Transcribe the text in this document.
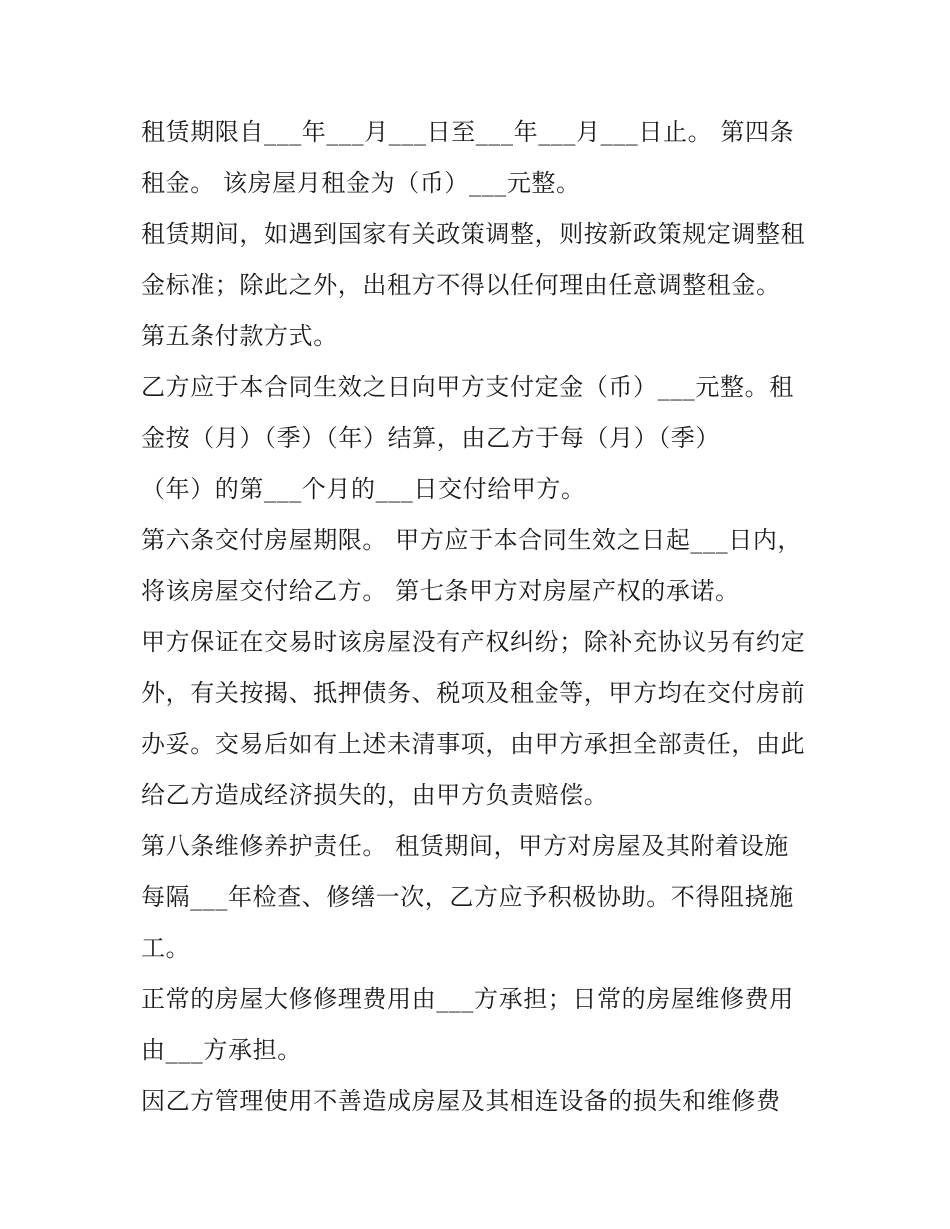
租赁期限自___年___月___日至___年___月___日止。 第四条
租金。 该房屋月租金为（币）___元整。
租赁期间，如遇到国家有关政策调整，则按新政策规定调整租
金标准；除此之外，出租方不得以任何理由任意调整租金。
第五条付款方式。
乙方应于本合同生效之日向甲方支付定金（币）___元整。租
金按（月）（季）（年）结算，由乙方于每（月）（季）
（年）的第___个月的___日交付给甲方。
第六条交付房屋期限。 甲方应于本合同生效之日起___日内，
将该房屋交付给乙方。 第七条甲方对房屋产权的承诺。
甲方保证在交易时该房屋没有产权纠纷；除补充协议另有约定
外，有关按揭、抵押债务、税项及租金等，甲方均在交付房前
办妥。交易后如有上述未清事项，由甲方承担全部责任，由此
给乙方造成经济损失的，由甲方负责赔偿。
第八条维修养护责任。 租赁期间，甲方对房屋及其附着设施
每隔___年检查、修缮一次，乙方应予积极协助。不得阻挠施
工。
正常的房屋大修修理费用由___方承担；日常的房屋维修费用
由___方承担。
因乙方管理使用不善造成房屋及其相连设备的损失和维修费
